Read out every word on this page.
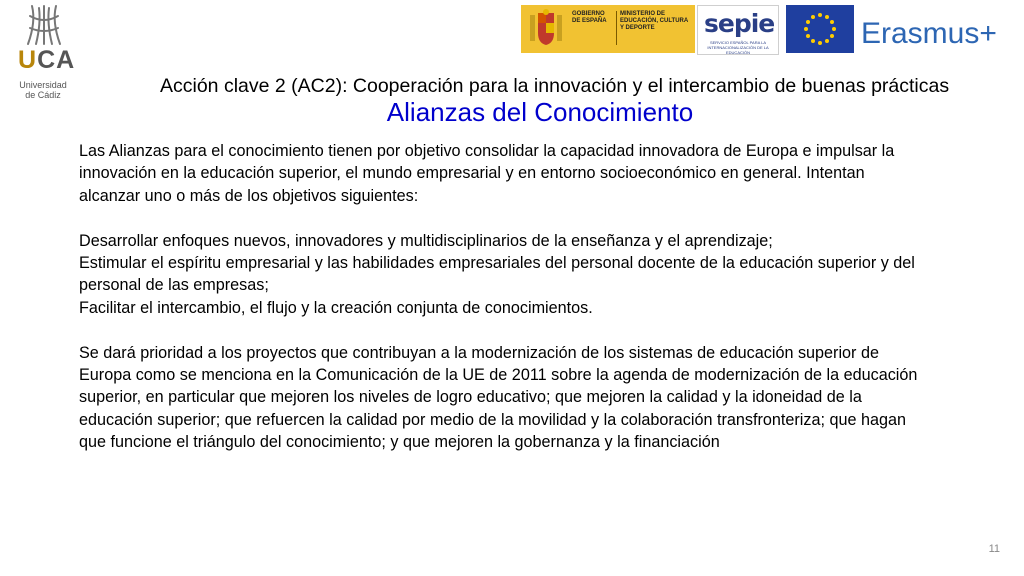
UCA
Universidad
de Cádiz
GOBIERNO DE ESPAÑA
MINISTERIO DE EDUCACIÓN, CULTURA Y DEPORTE	sepie
SERVICIO ESPAÑOL PARA LA INTERNACIONALIZACIÓN DE LA EDUCACIÓN
Erasmus+
Acción clave 2 (AC2): Cooperación para la innovación y el intercambio de buenas prácticas
Alianzas del Conocimiento

Las Alianzas para el conocimiento tienen por objetivo consolidar la capacidad innovadora de Europa e impulsar la innovación en la educación superior, el mundo empresarial y en entorno socioeconómico en general. Intentan alcanzar uno o más de los objetivos siguientes:

Desarrollar enfoques nuevos, innovadores y multidisciplinarios de la enseñanza y el aprendizaje;

Estimular el espíritu empresarial y las habilidades empresariales del personal docente de la educación superior y del personal de las empresas;

Facilitar el intercambio, el flujo y la creación conjunta de conocimientos.

Se dará prioridad a los proyectos que contribuyan a la modernización de los sistemas de educación superior de Europa como se menciona en la Comunicación de la UE de 2011 sobre la agenda de modernización de la educación superior, en particular que mejoren los niveles de logro educativo; que mejoren la calidad y la idoneidad de la educación superior; que refuercen la calidad por medio de la movilidad y la colaboración transfronteriza; que hagan que funcione el triángulo del conocimiento; y que mejoren la gobernanza y la financiación

11
